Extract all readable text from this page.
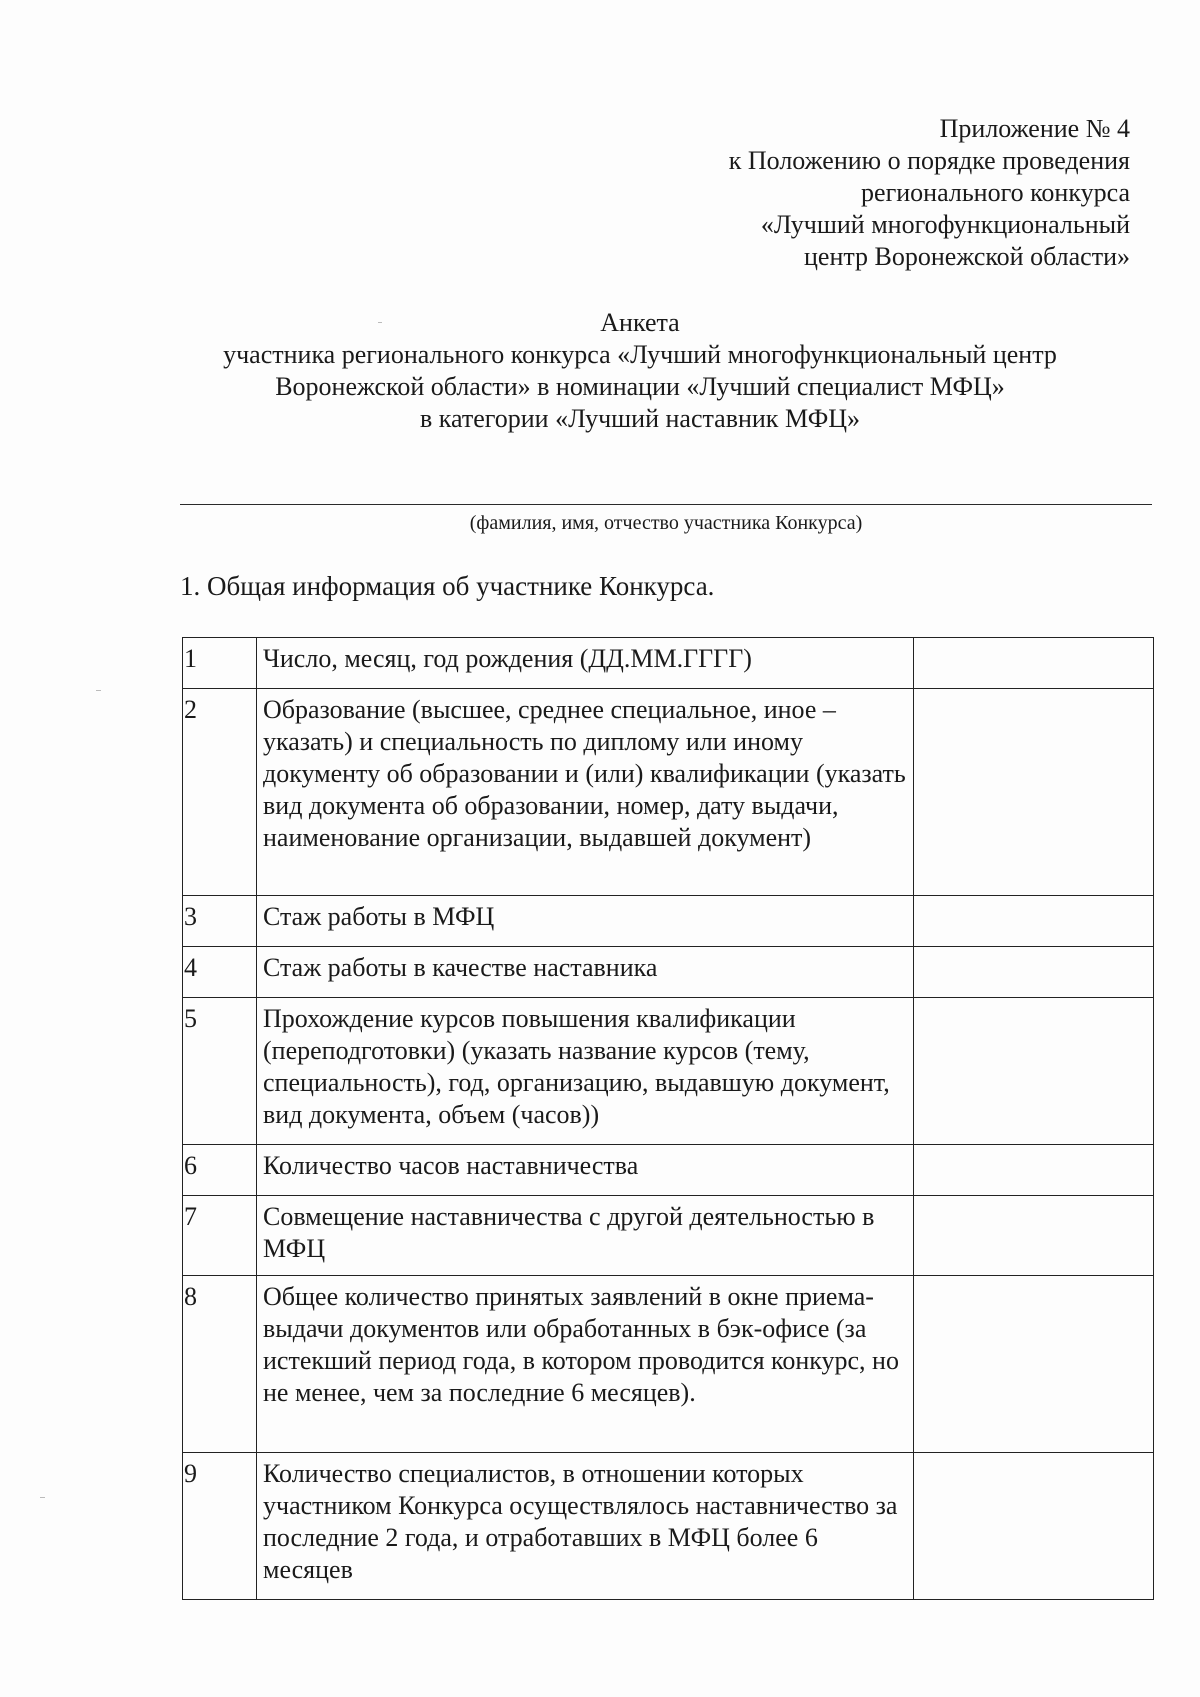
Приложение № 4
к Положению о порядке проведения
регионального конкурса
«Лучший многофункциональный
центр Воронежской области»
Анкета
участника регионального конкурса «Лучший многофункциональный центр
Воронежской области» в номинации «Лучший специалист МФЦ»
в категории «Лучший наставник МФЦ»
(фамилия, имя, отчество участника Конкурса)
1. Общая информация об участнике Конкурса.
1	Число, месяц, год рождения (ДД.ММ.ГГГГ)	
2	Образование (высшее, среднее специальное, иное – указать) и специальность по диплому или иному документу об образовании и (или) квалификации (указать вид документа об образовании, номер, дату выдачи, наименование организации, выдавшей документ)	
3	Стаж работы в МФЦ	
4	Стаж работы в качестве наставника	
5	Прохождение курсов повышения квалификации (переподготовки) (указать название курсов (тему, специальность), год, организацию, выдавшую документ, вид документа, объем (часов))	
6	Количество часов наставничества	
7	Совмещение наставничества с другой деятельностью в МФЦ	
8	Общее количество принятых заявлений в окне приема-выдачи документов или обработанных в бэк-офисе (за истекший период года, в котором проводится конкурс, но не менее, чем за последние 6 месяцев).	
9	Количество специалистов, в отношении которых участником Конкурса осуществлялось наставничество за последние 2 года, и отработавших в МФЦ более 6 месяцев	
